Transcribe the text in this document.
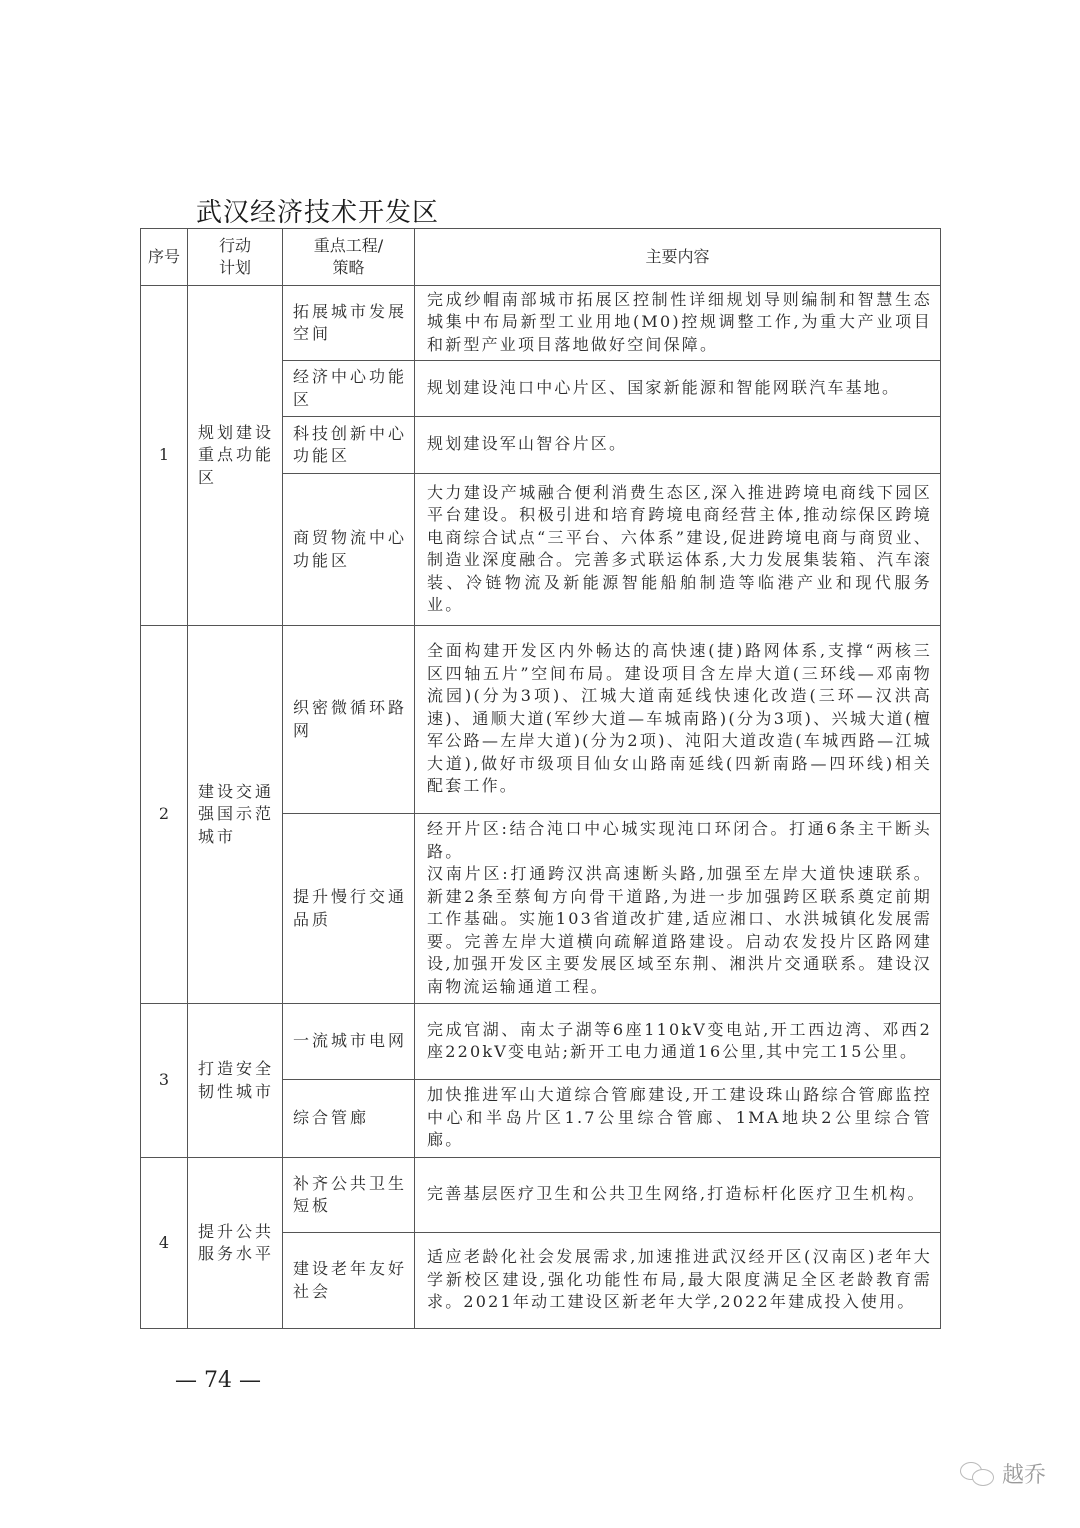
武汉经济技术开发区
序号	行动计划	重点工程/策略	主要内容
1	规划建设重点功能区	拓展城市发展空间	完成纱帽南部城市拓展区控制性详细规划导则编制和智慧生态城集中布局新型工业用地(M0)控规调整工作,为重大产业项目和新型产业项目落地做好空间保障。
		经济中心功能区	规划建设沌口中心片区、国家新能源和智能网联汽车基地。
		科技创新中心功能区	规划建设军山智谷片区。
		商贸物流中心功能区	大力建设产城融合便利消费生态区,深入推进跨境电商线下园区平台建设。积极引进和培育跨境电商经营主体,推动综保区跨境电商综合试点“三平台、六体系”建设,促进跨境电商与商贸业、制造业深度融合。完善多式联运体系,大力发展集装箱、汽车滚装、冷链物流及新能源智能船舶制造等临港产业和现代服务业。
2	建设交通强国示范城市	织密微循环路网	全面构建开发区内外畅达的高快速(捷)路网体系,支撑“两核三区四轴五片”空间布局。建设项目含左岸大道(三环线—邓南物流园)(分为3项)、江城大道南延线快速化改造(三环—汉洪高速)、通顺大道(军纱大道—车城南路)(分为3项)、兴城大道(檀军公路—左岸大道)(分为2项)、沌阳大道改造(车城西路—江城大道),做好市级项目仙女山路南延线(四新南路—四环线)相关配套工作。
		提升慢行交通品质	经开片区:结合沌口中心城实现沌口环闭合。打通6条主干断头路。
汉南片区:打通跨汉洪高速断头路,加强至左岸大道快速联系。新建2条至蔡甸方向骨干道路,为进一步加强跨区联系奠定前期工作基础。实施103省道改扩建,适应湘口、水洪城镇化发展需要。完善左岸大道横向疏解道路建设。启动农发投片区路网建设,加强开发区主要发展区域至东荆、湘洪片交通联系。建设汉南物流运输通道工程。

3	打造安全韧性城市	一流城市电网	完成官湖、南太子湖等6座110kV变电站,开工西边湾、邓西2座220kV变电站;新开工电力通道16公里,其中完工15公里。
		综合管廊	加快推进军山大道综合管廊建设,开工建设珠山路综合管廊监控中心和半岛片区1.7公里综合管廊、1MA地块2公里综合管廊。
4	提升公共服务水平	补齐公共卫生短板	完善基层医疗卫生和公共卫生网络,打造标杆化医疗卫生机构。
		建设老年友好社会	适应老龄化社会发展需求,加速推进武汉经开区(汉南区)老年大学新校区建设,强化功能性布局,最大限度满足全区老龄教育需求。2021年动工建设区新老年大学,2022年建成投入使用。
— 74 —
越乔
